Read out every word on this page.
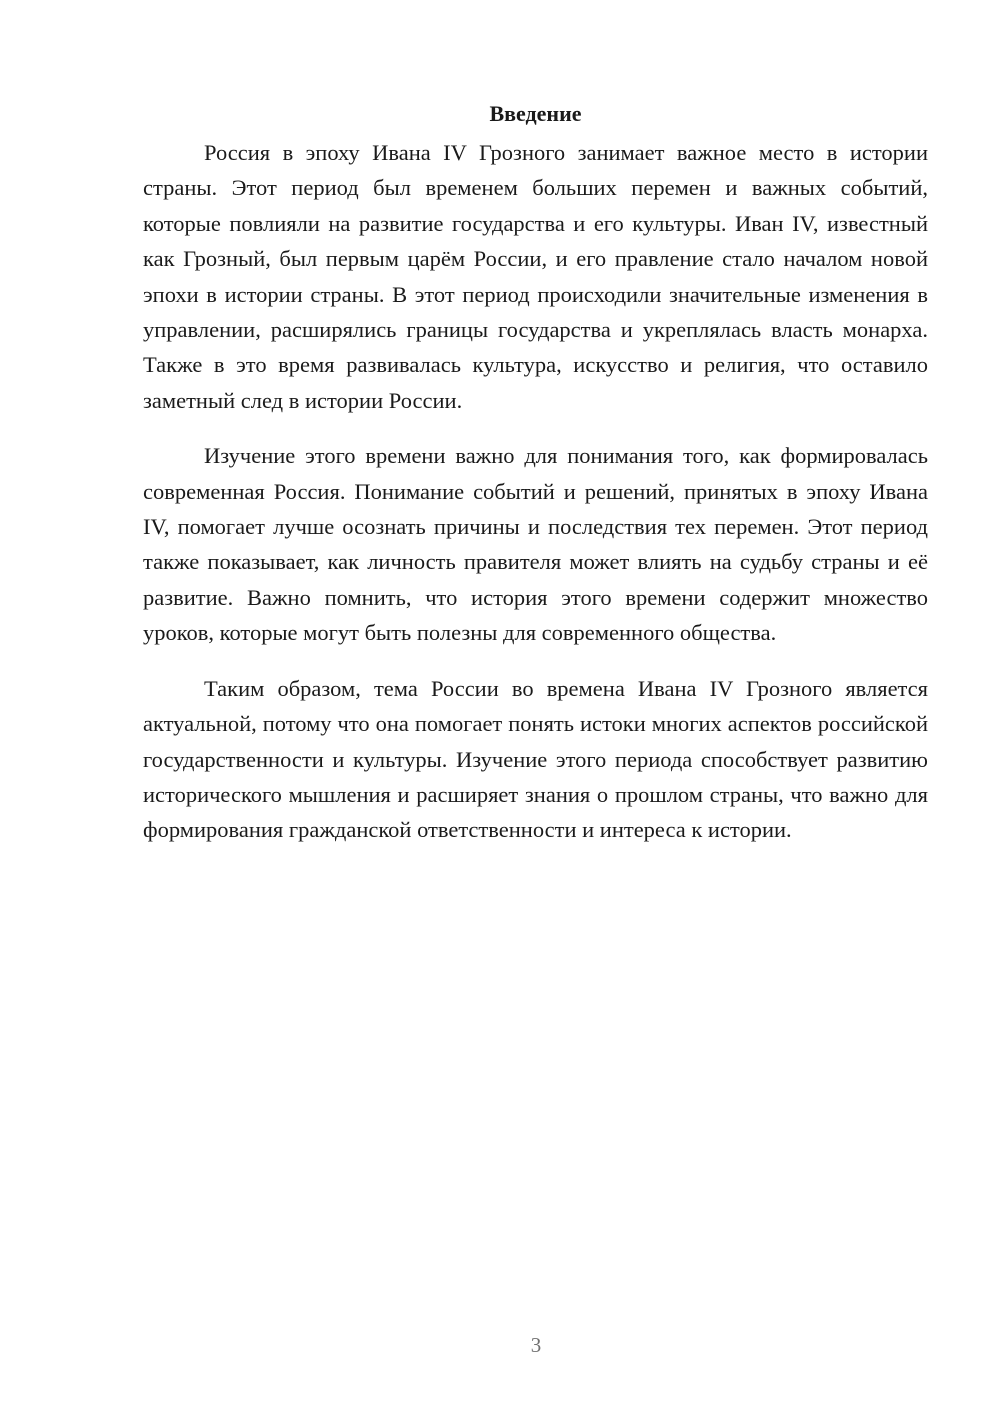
Введение

Россия в эпоху Ивана IV Грозного занимает важное место в истории страны. Этот период был временем больших перемен и важных событий, которые повлияли на развитие государства и его культуры. Иван IV, известный как Грозный, был первым царём России, и его правление стало началом новой эпохи в истории страны. В этот период происходили значительные изменения в управлении, расширялись границы государства и укреплялась власть монарха. Также в это время развивалась культура, искусство и религия, что оставило заметный след в истории России.

Изучение этого времени важно для понимания того, как формировалась современная Россия. Понимание событий и решений, принятых в эпоху Ивана IV, помогает лучше осознать причины и последствия тех перемен. Этот период также показывает, как личность правителя может влиять на судьбу страны и её развитие. Важно помнить, что история этого времени содержит множество уроков, которые могут быть полезны для современного общества.

Таким образом, тема России во времена Ивана IV Грозного является актуальной, потому что она помогает понять истоки многих аспектов российской государственности и культуры. Изучение этого периода способствует развитию исторического мышления и расширяет знания о прошлом страны, что важно для формирования гражданской ответственности и интереса к истории.

3
